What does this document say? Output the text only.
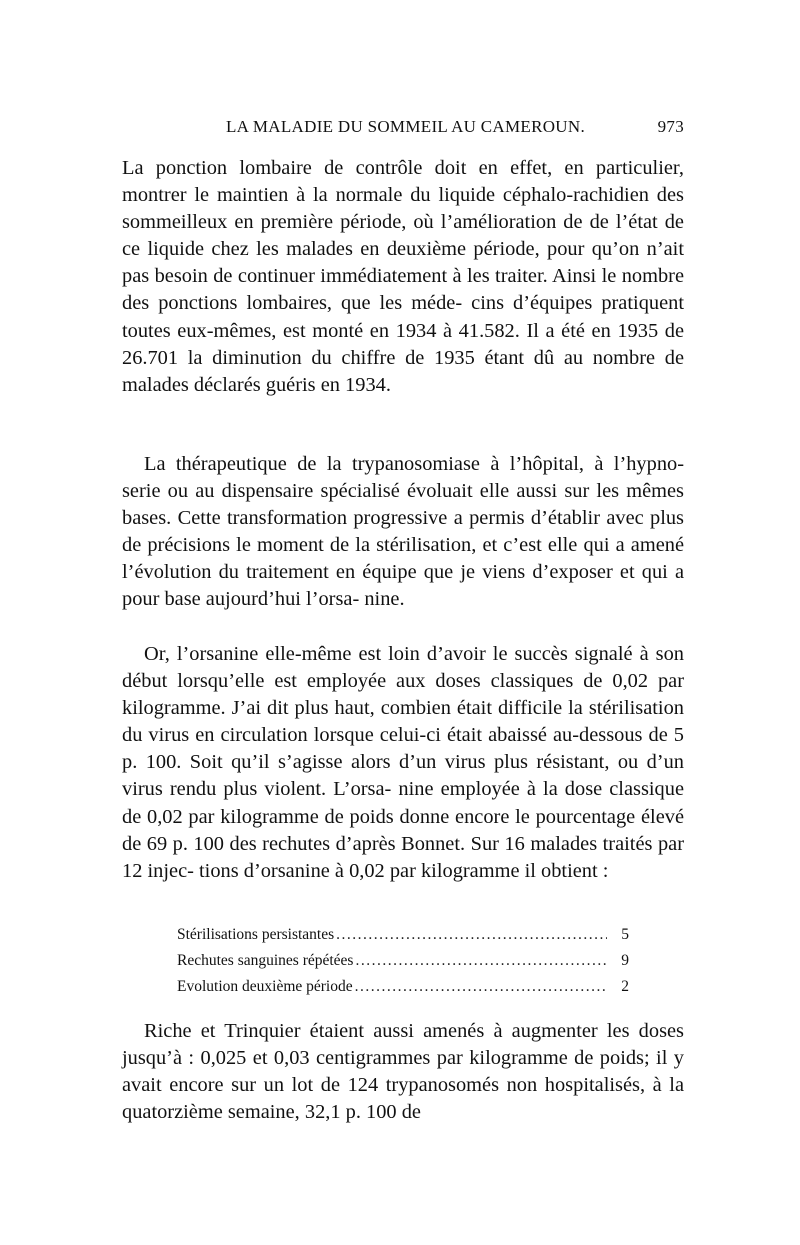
LA MALADIE DU SOMMEIL AU CAMEROUN.	973

La ponction lombaire de contrôle doit en effet, en particulier, montrer le maintien à la normale du liquide céphalo-rachidien des sommeilleux en première période, où l’amélioration de de l’état de ce liquide chez les malades en deuxième période, pour qu’on n’ait pas besoin de continuer immédiatement à les traiter. Ainsi le nombre des ponctions lombaires, que les méde- cins d’équipes pratiquent toutes eux-mêmes, est monté en 1934 à 41.582. Il a été en 1935 de 26.701 la diminution du chiffre de 1935 étant dû au nombre de malades déclarés guéris en 1934.

La thérapeutique de la trypanosomiase à l’hôpital, à l’hypno- serie ou au dispensaire spécialisé évoluait elle aussi sur les mêmes bases. Cette transformation progressive a permis d’établir avec plus de précisions le moment de la stérilisation, et c’est elle qui a amené l’évolution du traitement en équipe que je viens d’exposer et qui a pour base aujourd’hui l’orsa- nine.

Or, l’orsanine elle-même est loin d’avoir le succès signalé à son début lorsqu’elle est employée aux doses classiques de 0,02 par kilogramme. J’ai dit plus haut, combien était difficile la stérilisation du virus en circulation lorsque celui-ci était abaissé au-dessous de 5 p. 100. Soit qu’il s’agisse alors d’un virus plus résistant, ou d’un virus rendu plus violent. L’orsa- nine employée à la dose classique de 0,02 par kilogramme de poids donne encore le pourcentage élevé de 69 p. 100 des rechutes d’après Bonnet. Sur 16 malades traités par 12 injec- tions d’orsanine à 0,02 par kilogramme il obtient :

Stérilisations persistantes .....	5
Rechutes sanguines répétées .....	9
Evolution deuxième période .....	2

Riche et Trinquier étaient aussi amenés à augmenter les doses jusqu’à : 0,025 et 0,03 centigrammes par kilogramme de poids; il y avait encore sur un lot de 124 trypanosomés non hospitalisés, à la quatorzième semaine, 32,1 p. 100 de
